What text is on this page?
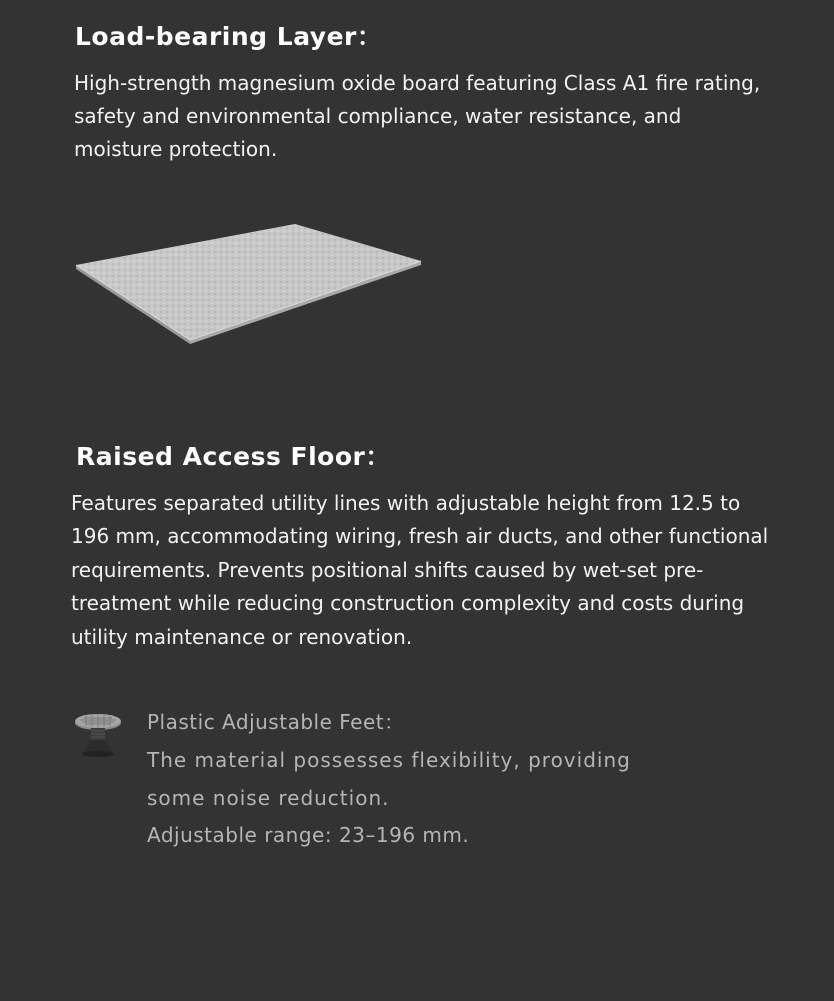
Load-bearing Layer：

High-strength magnesium oxide board featuring Class A1 fire rating, safety and environmental compliance, water resistance, and moisture protection.

Raised Access Floor：

Features separated utility lines with adjustable height from 12.5 to 196 mm, accommodating wiring, fresh air ducts, and other functional requirements. Prevents positional shifts caused by wet-set pre-treatment while reducing construction complexity and costs during utility maintenance or renovation.

Plastic Adjustable Feet：

The material possesses flexibility, providing

some noise reduction.

Adjustable range: 23–196 mm.
